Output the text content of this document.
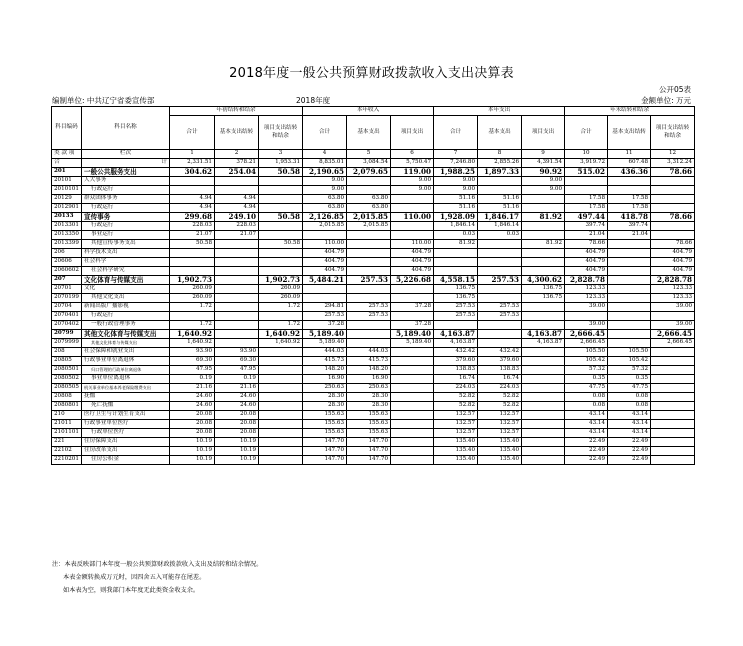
2018年度一般公共预算财政拨款收入支出决算表
公开05表
编制单位: 中共辽宁省委宣传部	2018年度	金额单位: 万元
科目编码	科目名称	年初结转和结余			本年收入			本年支出			年末结转和结余		
		合计	基本支出结转	项目支出结转和结余	合计	基本支出	项目支出	合计	基本支出	项目支出	合计	基本支出结转	项目支出结转和结余
类 款 项	栏次	1	2	3	4	5	6	7	8	9	10	11	12
合	计	2,331.51	378.21	1,953.31	8,835.01	3,084.54	5,750.47	7,246.80	2,855.26	4,391.54	3,919.72	607.48	3,312.24
201	一般公共服务支出	304.62	254.04	50.58	2,190.65	2,079.65	119.00	1,988.25	1,897.33	90.92	515.02	436.36	78.66
20101	人大事务				9.00		9.00	9.00		9.00			
2010101	行政运行				9.00		9.00	9.00		9.00			
20129	群众团体事务	4.94	4.94		63.80	63.80		51.16	51.16		17.58	17.58	
2012901	行政运行	4.94	4.94		63.80	63.80		51.16	51.16		17.58	17.58	
20133	宣传事务	299.68	249.10	50.58	2,126.85	2,015.85	110.00	1,928.09	1,846.17	81.92	497.44	418.78	78.66
2013301	行政运行	228.03	228.03		2,015.85	2,015.85		1,846.14	1,846.14		397.74	397.74	
2013350	事业运行	21.07	21.07					0.03	0.03		21.04	21.04	
2013399	其他宣传事务支出	50.58		50.58	110.00		110.00	81.92		81.92	78.66		78.66
206	科学技术支出				404.79		404.79				404.79		404.79
20606	社会科学				404.79		404.79				404.79		404.79
2060602	社会科学研究				404.79		404.79				404.79		404.79
207	文化体育与传媒支出	1,902.73		1,902.73	5,484.21	257.53	5,226.68	4,558.15	257.53	4,300.62	2,828.78		2,828.78
20701	文化	260.09		260.09				136.75		136.75	123.33		123.33
2070199	其他文化支出	260.09		260.09				136.75		136.75	123.33		123.33
20704	新闻出版广播影视	1.72		1.72	294.81	257.53	37.28	257.53	257.53		39.00		39.00
2070401	行政运行				257.53	257.53		257.53	257.53				
2070402	一般行政管理事务	1.72		1.72	37.28		37.28				39.00		39.00
20799	其他文化体育与传媒支出	1,640.92		1,640.92	5,189.40		5,189.40	4,163.87		4,163.87	2,666.45		2,666.45
2079999	其他文化体育与传媒支出	1,640.92		1,640.92	5,189.40		5,189.40	4,163.87		4,163.87	2,666.45		2,666.45
208	社会保障和就业支出	93.90	93.90		444.03	444.03		432.42	432.42		105.50	105.50	
20805	行政事业单位离退休	69.30	69.30		415.73	415.73		379.60	379.60		105.42	105.42	
2080501	归口管理的行政单位离退休	47.95	47.95		148.20	148.20		138.83	138.83		57.32	57.32	
2080502	事业单位离退休	0.19	0.19		16.90	16.90		16.74	16.74		0.35	0.35	
2080505	机关事业单位基本养老保险缴费支出	21.16	21.16		250.63	250.63		224.03	224.03		47.75	47.75	
20808	抚恤	24.60	24.60		28.30	28.30		52.82	52.82		0.08	0.08	
2080801	死亡抚恤	24.60	24.60		28.30	28.30		52.82	52.82		0.08	0.08	
210	医疗卫生与计划生育支出	20.08	20.08		155.63	155.63		132.57	132.57		43.14	43.14	
21011	行政事业单位医疗	20.08	20.08		155.63	155.63		132.57	132.57		43.14	43.14	
2101101	行政单位医疗	20.08	20.08		155.63	155.63		132.57	132.57		43.14	43.14	
221	住房保障支出	10.19	10.19		147.70	147.70		135.40	135.40		22.49	22.49	
22102	住房改革支出	10.19	10.19		147.70	147.70		135.40	135.40		22.49	22.49	
2210201	住房公积金	10.19	10.19		147.70	147.70		135.40	135.40		22.49	22.49	
注：本表反映部门本年度一般公共预算财政拨款收入支出及结转和结余情况。
本表金额转换成万元时，因四舍五入可能存在尾差。
如本表为空，则我部门本年度无此类资金收支余。
